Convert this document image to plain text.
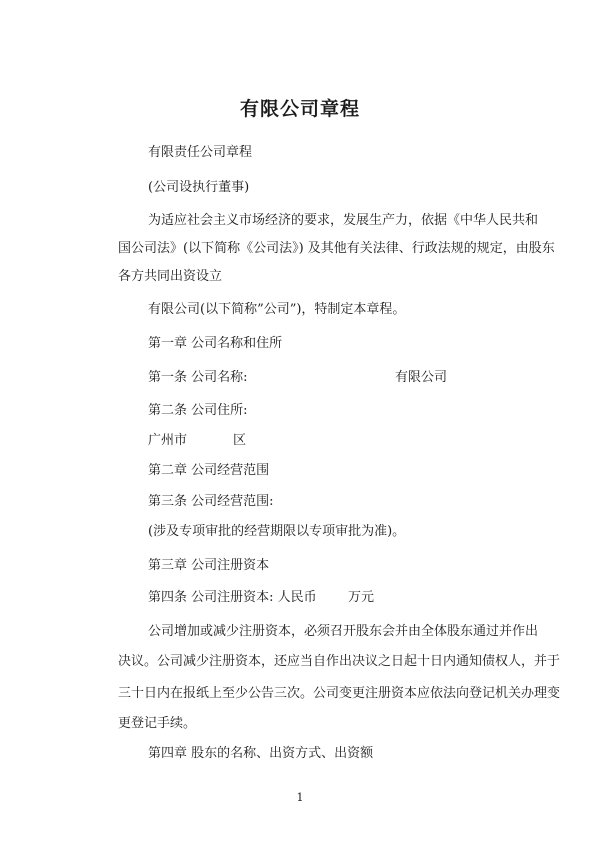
有限公司章程
有限责任公司章程
(公司设执行董事)
为适应社会主义市场经济的要求，发展生产力，依据《中华人民共和
国公司法》(以下简称《公司法》) 及其他有关法律、行政法规的规定，由股东
各方共同出资设立
有限公司(以下简称”公司”)，特制定本章程。
第一章 公司名称和住所
第一条 公司名称:	有限公司
第二条 公司住所:
广州市	区
第二章 公司经营范围
第三条 公司经营范围:
(涉及专项审批的经营期限以专项审批为准)。
第三章 公司注册资本
第四条 公司注册资本: 人民币 万元
公司增加或减少注册资本，必须召开股东会并由全体股东通过并作出
决议。公司减少注册资本，还应当自作出决议之日起十日内通知债权人，并于
三十日内在报纸上至少公告三次。公司变更注册资本应依法向登记机关办理变
更登记手续。
第四章 股东的名称、出资方式、出资额
1
